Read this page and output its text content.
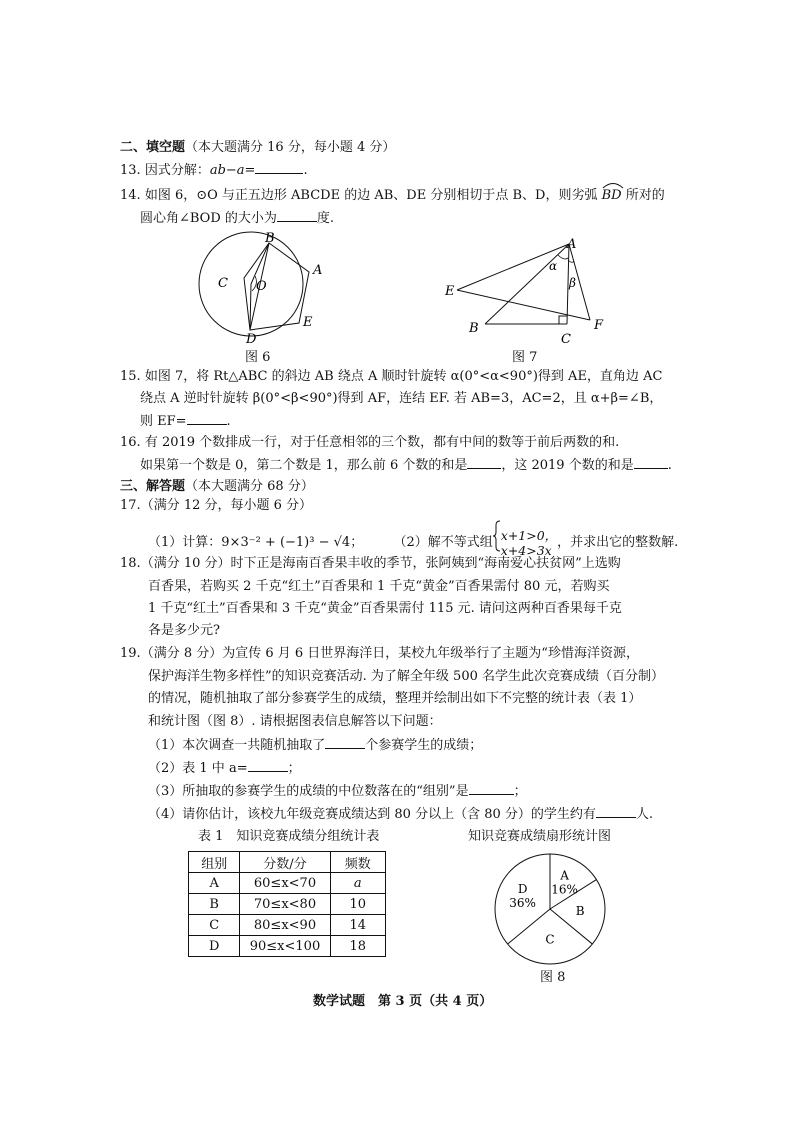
二、填空题（本大题满分 16 分，每小题 4 分）
13. 因式分解：ab−a=	.
14. 如图 6，⊙O 与正五边形 ABCDE 的边 AB、DE 分别相切于点 B、D，则劣弧 BD 所对的
圆心角∠BOD 的大小为	度.
B
A
C O
E
D
图 6
A
α
β
E
B
C
F
图 7
15. 如图 7，将 Rt△ABC 的斜边 AB 绕点 A 顺时针旋转 α(0°<α<90°)得到 AE，直角边 AC
绕点 A 逆时针旋转 β(0°<β<90°)得到 AF，连结 EF. 若 AB=3，AC=2，且 α+β=∠B，
则 EF=	.
16. 有 2019 个数排成一行，对于任意相邻的三个数，都有中间的数等于前后两数的和.
如果第一个数是 0，第二个数是 1，那么前 6 个数的和是	，这 2019 个数的和是	.
三、解答题（本大题满分 68 分）
17.（满分 12 分，每小题 6 分）
（1）计算：9×3⁻² + (−1)³ − √4； （2）解不等式组 x+1>0，
x+4>3x ，并求出它的整数解.
18.（满分 10 分）时下正是海南百香果丰收的季节，张阿姨到“海南爱心扶贫网”上选购
百香果，若购买 2 千克“红土”百香果和 1 千克“黄金”百香果需付 80 元，若购买
1 千克“红土”百香果和 3 千克“黄金”百香果需付 115 元. 请问这两种百香果每千克
各是多少元?
19.（满分 8 分）为宣传 6 月 6 日世界海洋日，某校九年级举行了主题为“珍惜海洋资源，
保护海洋生物多样性”的知识竞赛活动. 为了解全年级 500 名学生此次竞赛成绩（百分制）
的情况，随机抽取了部分参赛学生的成绩，整理并绘制出如下不完整的统计表（表 1）
和统计图（图 8）. 请根据图表信息解答以下问题：
（1）本次调查一共随机抽取了	个参赛学生的成绩；
（2）表 1 中 a=	；
（3）所抽取的参赛学生的成绩的中位数落在的“组别”是	；
（4）请你估计，该校九年级竞赛成绩达到 80 分以上（含 80 分）的学生约有	人.
表 1　知识竞赛成绩分组统计表
组别	分数/分	频数
A	60≤x<70	a
B	70≤x<80	10
C	80≤x<90	14
D	90≤x<100	18
知识竞赛成绩扇形统计图
A
16%
B
C
D
36%
图 8
数学试题　第 3 页（共 4 页）
